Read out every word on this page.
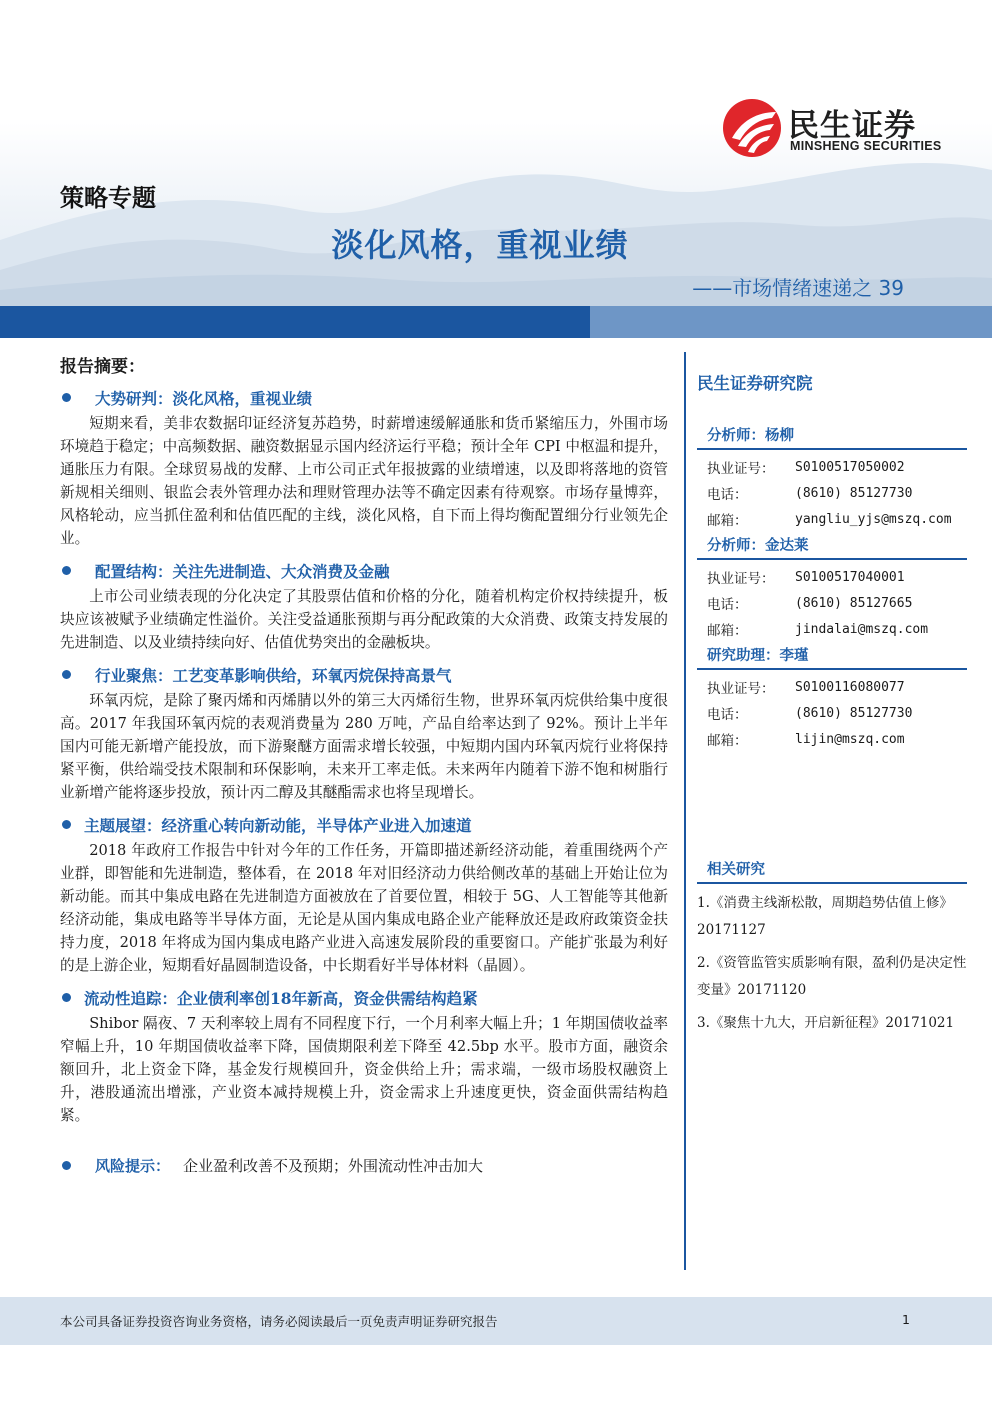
民生证券
MINSHENG SECURITIES
策略专题
淡化风格，重视业绩
——市场情绪速递之 39
民生 FOCUS	2018 年 3 月 12 日
报告摘要：
大势研判：淡化风格，重视业绩

短期来看，美非农数据印证经济复苏趋势，时薪增速缓解通胀和货币紧缩压力，外围市场环境趋于稳定；中高频数据、融资数据显示国内经济运行平稳；预计全年 CPI 中枢温和提升，通胀压力有限。全球贸易战的发酵、上市公司正式年报披露的业绩增速，以及即将落地的资管新规相关细则、银监会表外管理办法和理财管理办法等不确定因素有待观察。市场存量博弈，风格轮动，应当抓住盈利和估值匹配的主线，淡化风格，自下而上得均衡配置细分行业领先企业。

配置结构：关注先进制造、大众消费及金融

上市公司业绩表现的分化决定了其股票估值和价格的分化，随着机构定价权持续提升，板块应该被赋予业绩确定性溢价。关注受益通胀预期与再分配政策的大众消费、政策支持发展的先进制造、以及业绩持续向好、估值优势突出的金融板块。

行业聚焦：工艺变革影响供给，环氧丙烷保持高景气

环氧丙烷，是除了聚丙烯和丙烯腈以外的第三大丙烯衍生物，世界环氧丙烷供给集中度很高。2017 年我国环氧丙烷的表观消费量为 280 万吨，产品自给率达到了 92%。预计上半年国内可能无新增产能投放，而下游聚醚方面需求增长较强，中短期内国内环氧丙烷行业将保持紧平衡，供给端受技术限制和环保影响，未来开工率走低。未来两年内随着下游不饱和树脂行业新增产能将逐步投放，预计丙二醇及其醚酯需求也将呈现增长。

主题展望：经济重心转向新动能，半导体产业进入加速道

2018 年政府工作报告中针对今年的工作任务，开篇即描述新经济动能，着重围绕两个产业群，即智能和先进制造，整体看，在 2018 年对旧经济动力供给侧改革的基础上开始让位为新动能。而其中集成电路在先进制造方面被放在了首要位置，相较于 5G、人工智能等其他新经济动能，集成电路等半导体方面，无论是从国内集成电路企业产能释放还是政府政策资金扶持力度，2018 年将成为国内集成电路产业进入高速发展阶段的重要窗口。产能扩张最为利好的是上游企业，短期看好晶圆制造设备，中长期看好半导体材料（晶圆）。

流动性追踪：企业债利率创18年新高，资金供需结构趋紧

Shibor 隔夜、7 天利率较上周有不同程度下行，一个月利率大幅上升；1 年期国债收益率窄幅上升，10 年期国债收益率下降，国债期限利差下降至 42.5bp 水平。股市方面，融资余额回升，北上资金下降，基金发行规模回升，资金供给上升；需求端，一级市场股权融资上升，港股通流出增涨，产业资本减持规模上升，资金需求上升速度更快，资金面供需结构趋紧。

风险提示： 企业盈利改善不及预期；外围流动性冲击加大
民生证券研究院
分析师：杨柳
执业证号：	S0100517050002
电话：	(8610) 85127730
邮箱：	yangliu_yjs@mszq.com
分析师：金达莱
执业证号：	S0100517040001
电话：	(8610) 85127665
邮箱：	jindalai@mszq.com
研究助理：李瑾
执业证号：	S0100116080077
电话：	(8610) 85127730
邮箱：	lijin@mszq.com
相关研究
1.《消费主线渐松散，周期趋势估值上修》20171127
2.《资管监管实质影响有限，盈利仍是决定性变量》20171120
3.《聚焦十九大，开启新征程》20171021
本公司具备证券投资咨询业务资格，请务必阅读最后一页免责声明证券研究报告	1
